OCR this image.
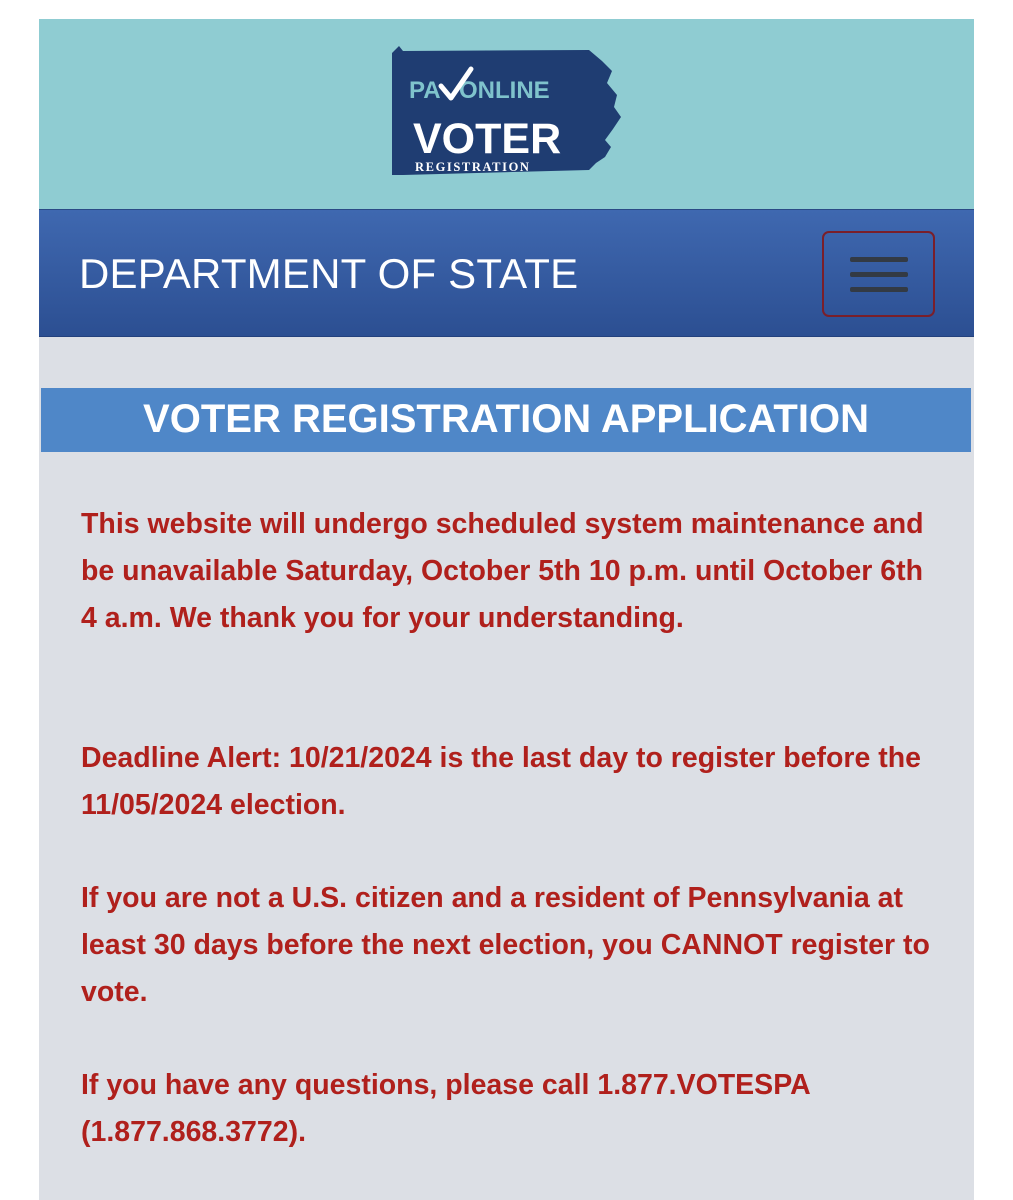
PA ONLINE
VOTER
REGISTRATION
DEPARTMENT OF STATE
VOTER REGISTRATION APPLICATION

This website will undergo scheduled system maintenance and be unavailable Saturday, October 5th 10 p.m. until October 6th 4 a.m. We thank you for your understanding.

Deadline Alert: 10/21/2024 is the last day to register before the 11/05/2024 election.

If you are not a U.S. citizen and a resident of Pennsylvania at least 30 days before the next election, you CANNOT register to vote.

If you have any questions, please call 1.877.VOTESPA (1.877.868.3772).
